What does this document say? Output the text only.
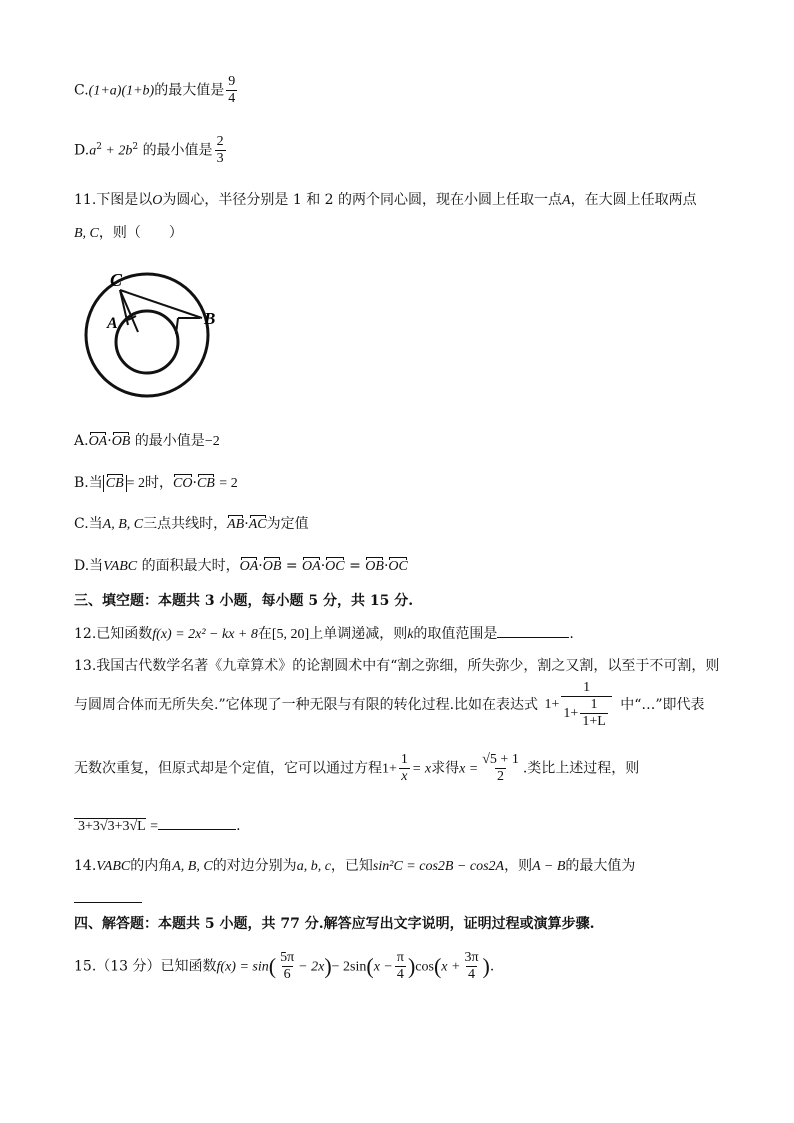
C.(1+a)(1+b)的最大值是 $\frac{9}{4}$
$D.a^2 + 2b^2$ 的最小值是 $\frac{2}{3}$
11.下图是以O为圆心，半径分别是 1 和 2 的两个同心圆，现在小圆上任取一点A，在大圆上任取两点
B, C，则（　　）
C
A	B
A.OA·OB 的最小值是−2
B.当 CB = 2时，CO·CB = 2
C.当A, B, C三点共线时，AB·AC为定值
D.当VABC 的面积最大时，OA·OB = OA·OC = OB·OC
三、填空题：本题共 3 小题，每小题 5 分，共 15 分.
12.已知函数f(x) = 2x² − kx + 8在[5, 20]上单调递减，则k的取值范围是	.
13.我国古代数学名著《九章算术》的论割圆术中有“割之弥细，所失弥少，割之又割，以至于不可割，则
与圆周合体而无所失矣.”它体现了一种无限与有限的转化过程.比如在表达式 $1+ \frac{1}{1+ \frac{1}{1+L}}$ 中“…”即代表
无数次重复，但原式却是个定值，它可以通过方程$1+ \frac{1}{x} = x$求得$x = \frac{√5 + 1}{2}$ .类比上述过程，则
3+3√3+3√L =	.
14.VABC的内角A, B, C的对边分别为a, b, c，已知sin²C = cos2B − cos2A，则A − B的最大值为
四、解答题：本题共 5 小题，共 77 分.解答应写出文字说明，证明过程或演算步骤.
15.（13 分）已知函数$f(x) = \sin( \frac{5\pi}{6} - 2x)- 2\sin(x - \frac{\pi}{4} )\cos(x + \frac{3\pi}{4}$ ).
